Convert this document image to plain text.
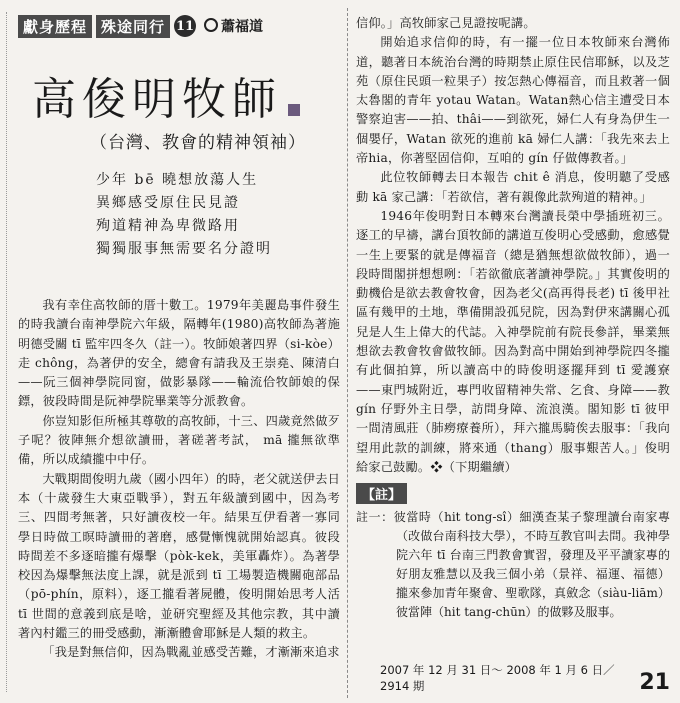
獻身歷程 殊途同行 11	蕭福道
高俊明牧師
（台灣、教會的精神領袖）
少年 bē 曉想放蕩人生
異鄉感受原住民見證
殉道精神為卑微路用
獨獨服事無需要名分證明

我有幸住高牧師的厝十數工。1979年美麗島事件發生的時我讀台南神學院六年級，隔轉年(1980)高牧師為著施明德受關 tī 監牢四冬久（註一）。牧師娘著四界（si-kòe）走 chông，為著伊的安全，總會有請我及王崇堯、陳清白——阮三個神學院同窗，做影暴隊——輪流佮牧師娘的保鏢，彼段時間是阮神學院畢業等分派教會。

你豈知影佢所極其尊敬的高牧師，十三、四歲竟然做歹子呢？彼陣無介想欲讀冊，著磋著考試， mā 攏無欲準備，所以成績攏中中仔。

大戰期間俊明九歲（國小四年）的時，老父就送伊去日本（十歲發生大東亞戰爭），對五年級讀到國中，因為考三、四間考無著，只好讀夜校一年。結果互伊看著一寡同學日時做工暝時讀冊的著磨，感覺慚愧就開始認真。彼段時間差不多逐暗攏有爆擊（pòk-kek，美軍轟炸）。為著學校因為爆擊無法度上課，就是派到 tī 工場製造機關砲部品（pō-phín，原料），逐工攏看著屍體，俊明開始思考人活 tī 世間的意義到底是啥，並研究聖經及其他宗教，其中讀著內村鑑三的冊受感動，漸漸體會耶穌是人類的救主。

「我是對無信仰，因為戰亂並感受苦難，才漸漸來追求

信仰。」高牧師家己見證按呢講。

開始追求信仰的時，有一擺一位日本牧師來台灣佈道，聽著日本統治台灣的時期禁止原住民信耶穌，以及芝苑（原住民頭一粒果子）按怎熱心傳福音，而且救著一個太魯閣的青年 yotau Watan。Watan熱心信主遭受日本警察迫害——拍、thâi——到欲死，婦仁人有身為伊生一個嬰仔，Watan 欲死的進前 kā 婦仁人講：「我先來去上帝hia，你著堅固信仰，互咱的 gín 仔做傳教者。」

此位牧師轉去日本報告 chit ê 消息，俊明聽了受感動 kā 家己講：「若欲信，著有親像此款殉道的精神。」

1946年俊明對日本轉來台灣讀長榮中學插班初三。逐工的早禱，講台頂牧師的講道互俊明心受感動，愈感覺一生上要緊的就是傳福音（總是猶無想欲做牧師），過一段時間閣拼想想咧：「若欲徹底著讀神學院。」其實俊明的動機佮是欲去教會牧會，因為老父(高再得長老) tī 後甲社區有幾甲的土地，準備開設孤兒院，因為對伊來講關心孤兒是人生上偉大的代誌。入神學院前有院長參詳，畢業無想欲去教會牧會做牧師。因為對高中開始到神學院四冬攏有此個拍算，所以讀高中的時俊明逐擺拜到 tī 愛護寮——東門城附近，專門收留精神失常、乞食、身障——教 gín 仔野外主日學，訪問身障、流浪漢。閣知影 tī 彼甲一間清風莊（肺癆療養所），拜六攏馬騎俟去服事：「我向望用此款的訓練，將來通（thang）服事艱苦人。」俊明給家己鼓勵。❖（下期繼續）

【註】
註一：彼當時（hit tong-sî）細漢查某子黎理讀台南家專（改做台南科技大學），不時互教官叫去問。我神學院六年 tī 台南三門教會實習，發理及平平讀家專的好朋友雅慧以及我三個小弟（景祥、福運、福德）攏來參加青年聚會、聖歌隊，真斂念（siàu-liām）彼當陣（hit tang-chūn）的做夥及服事。
2007 年 12 月 31 日～ 2008 年 1 月 6 日／2914 期	21
